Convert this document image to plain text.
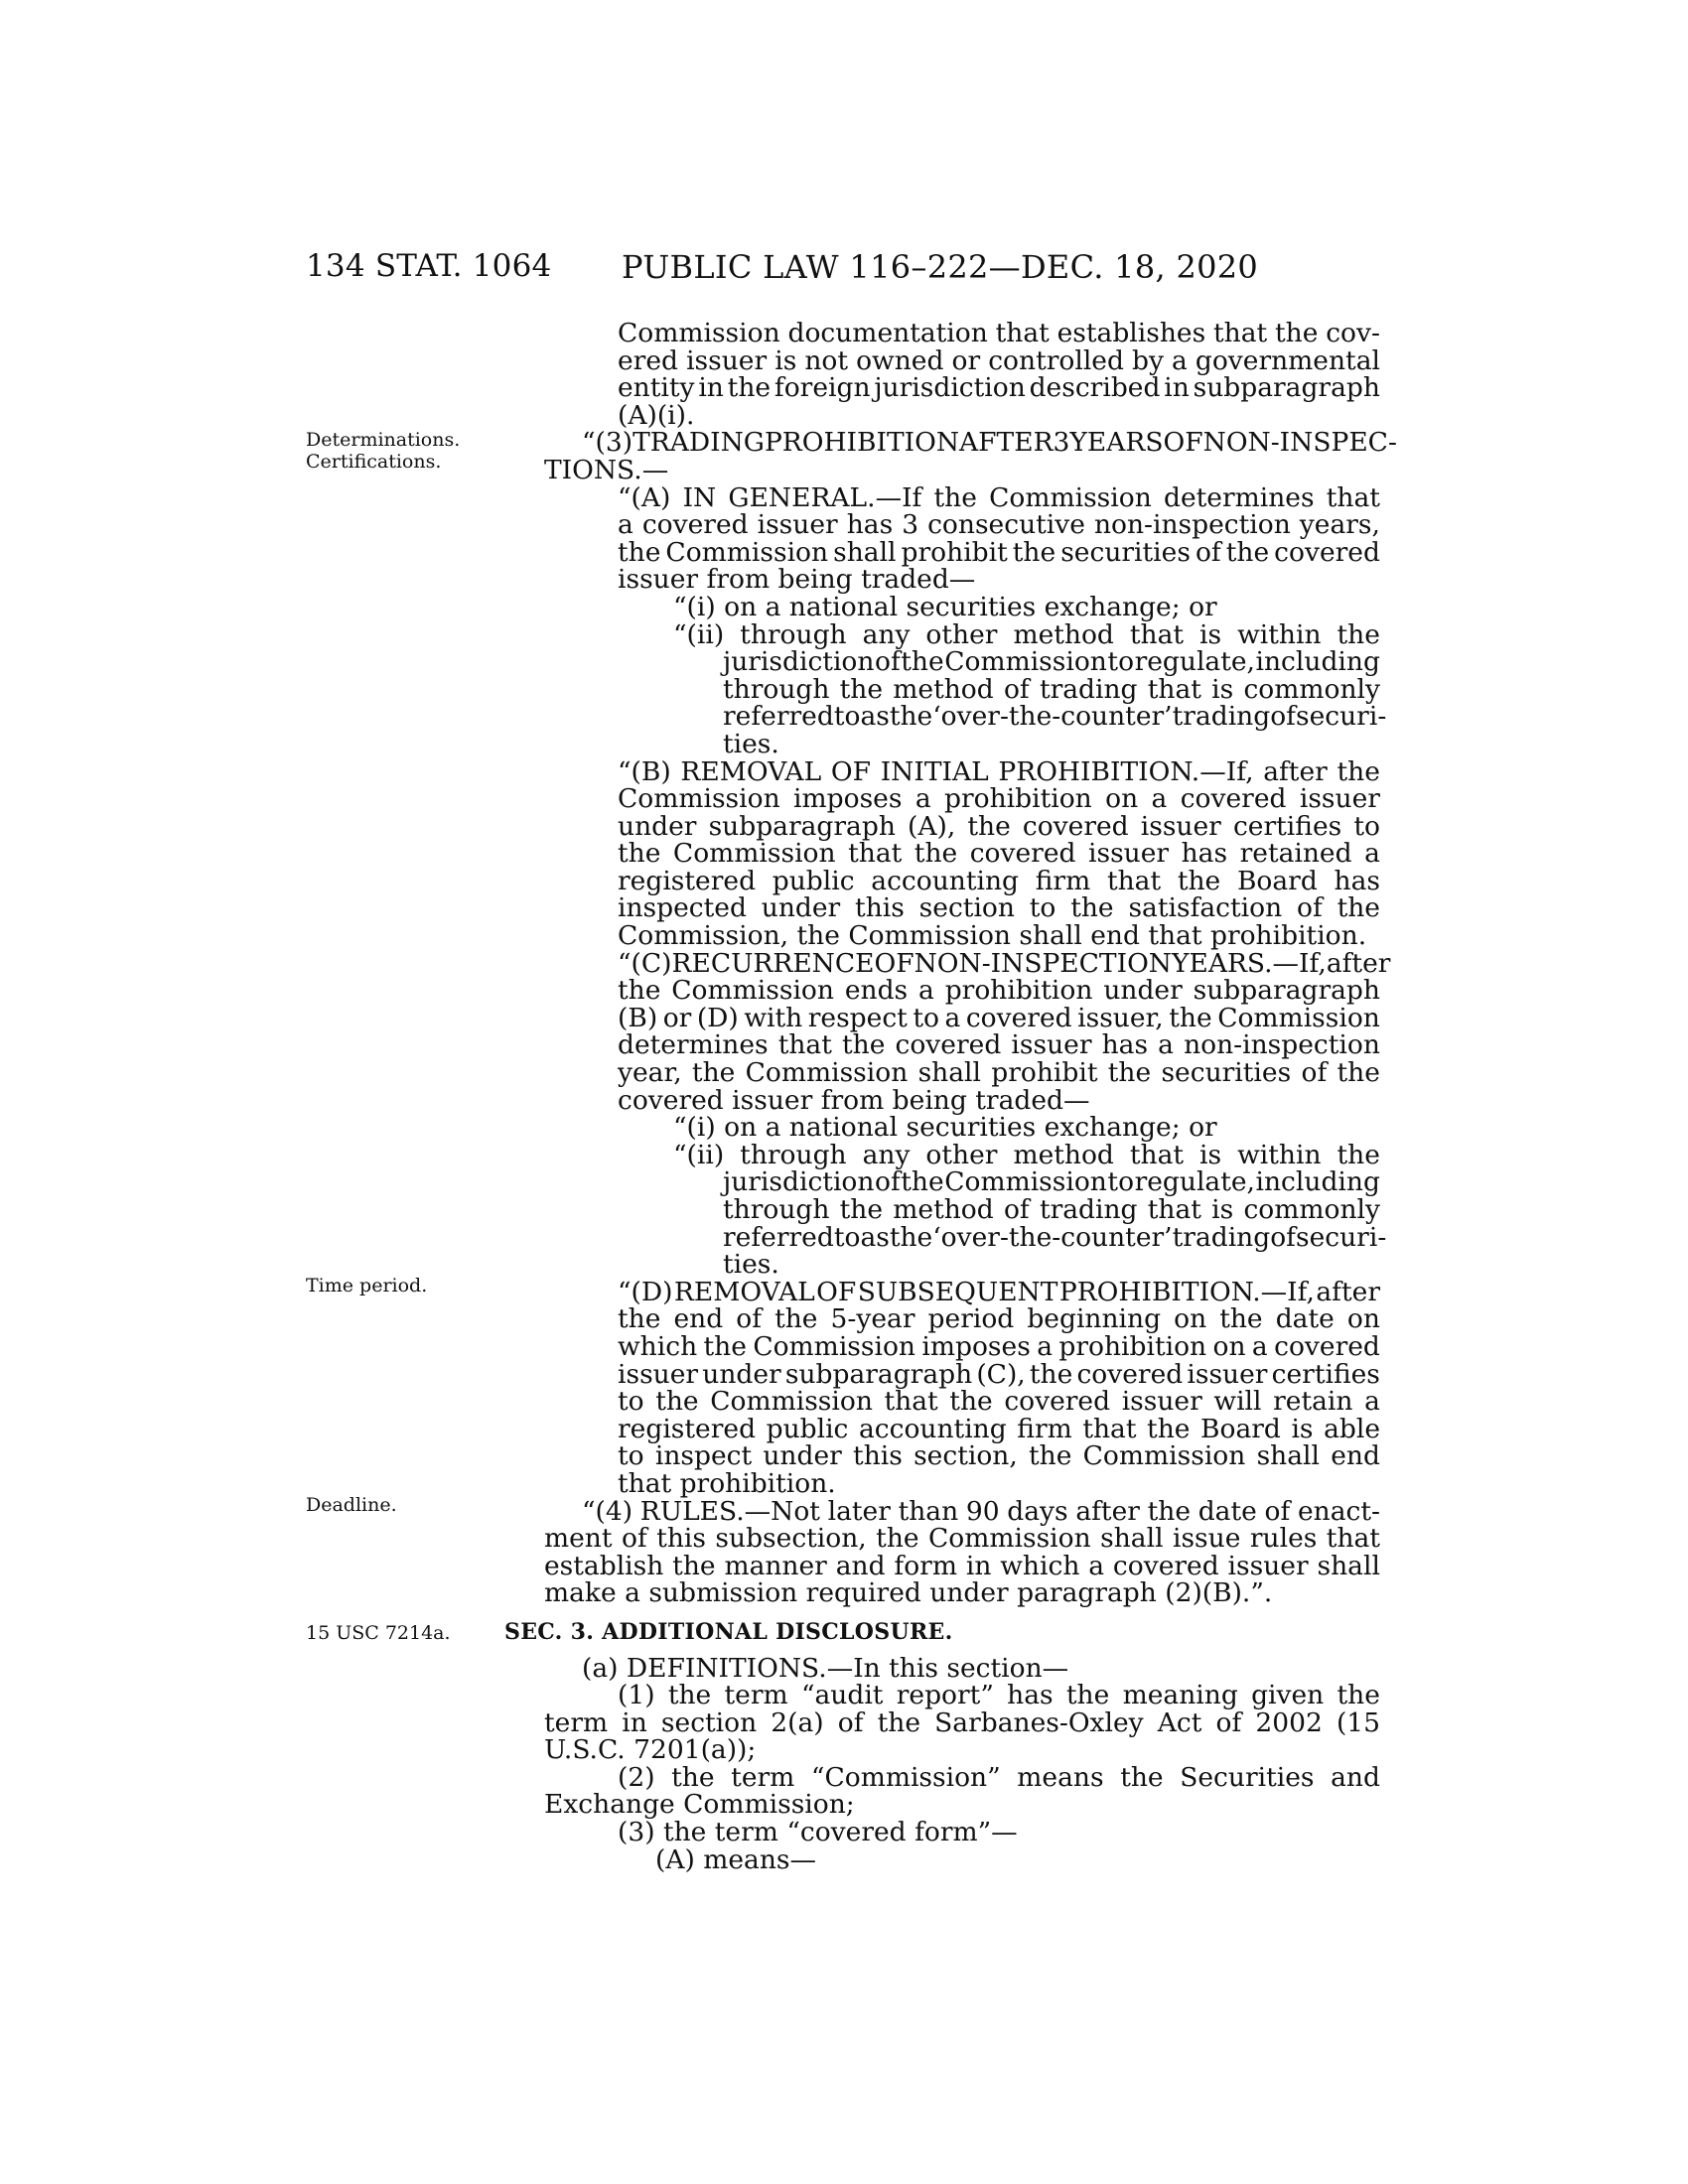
134 STAT. 1064 PUBLIC LAW 116–222—DEC. 18, 2020
Determinations.
Certifications.
Time period.
Deadline.
15 USC 7214a.
Commission documentation that establishes that the cov-
ered issuer is not owned or controlled by a governmental
entity in the foreign jurisdiction described in subparagraph
(A)(i).
“(3) TRADING PROHIBITION AFTER 3 YEARS OF NON-INSPEC-
TIONS.—
“(A) IN GENERAL.—If the Commission determines that
a covered issuer has 3 consecutive non-inspection years,
the Commission shall prohibit the securities of the covered
issuer from being traded—
“(i) on a national securities exchange; or
“(ii) through any other method that is within the
jurisdiction of the Commission to regulate, including
through the method of trading that is commonly
referred to as the ‘over-the-counter’ trading of securi-
ties.
“(B) REMOVAL OF INITIAL PROHIBITION.—If, after the
Commission imposes a prohibition on a covered issuer
under subparagraph (A), the covered issuer certifies to
the Commission that the covered issuer has retained a
registered public accounting firm that the Board has
inspected under this section to the satisfaction of the
Commission, the Commission shall end that prohibition.
“(C) RECURRENCE OF NON-INSPECTION YEARS.—If, after
the Commission ends a prohibition under subparagraph
(B) or (D) with respect to a covered issuer, the Commission
determines that the covered issuer has a non-inspection
year, the Commission shall prohibit the securities of the
covered issuer from being traded—
“(i) on a national securities exchange; or
“(ii) through any other method that is within the
jurisdiction of the Commission to regulate, including
through the method of trading that is commonly
referred to as the ‘over-the-counter’ trading of securi-
ties.
“(D) REMOVAL OF SUBSEQUENT PROHIBITION.—If, after
the end of the 5-year period beginning on the date on
which the Commission imposes a prohibition on a covered
issuer under subparagraph (C), the covered issuer certifies
to the Commission that the covered issuer will retain a
registered public accounting firm that the Board is able
to inspect under this section, the Commission shall end
that prohibition.
“(4) RULES.—Not later than 90 days after the date of enact-
ment of this subsection, the Commission shall issue rules that
establish the manner and form in which a covered issuer shall
make a submission required under paragraph (2)(B).”.
SEC. 3. ADDITIONAL DISCLOSURE.
(a) DEFINITIONS.—In this section—
(1) the term “audit report” has the meaning given the
term in section 2(a) of the Sarbanes-Oxley Act of 2002 (15
U.S.C. 7201(a));
(2) the term “Commission” means the Securities and
Exchange Commission;
(3) the term “covered form”—
(A) means—
